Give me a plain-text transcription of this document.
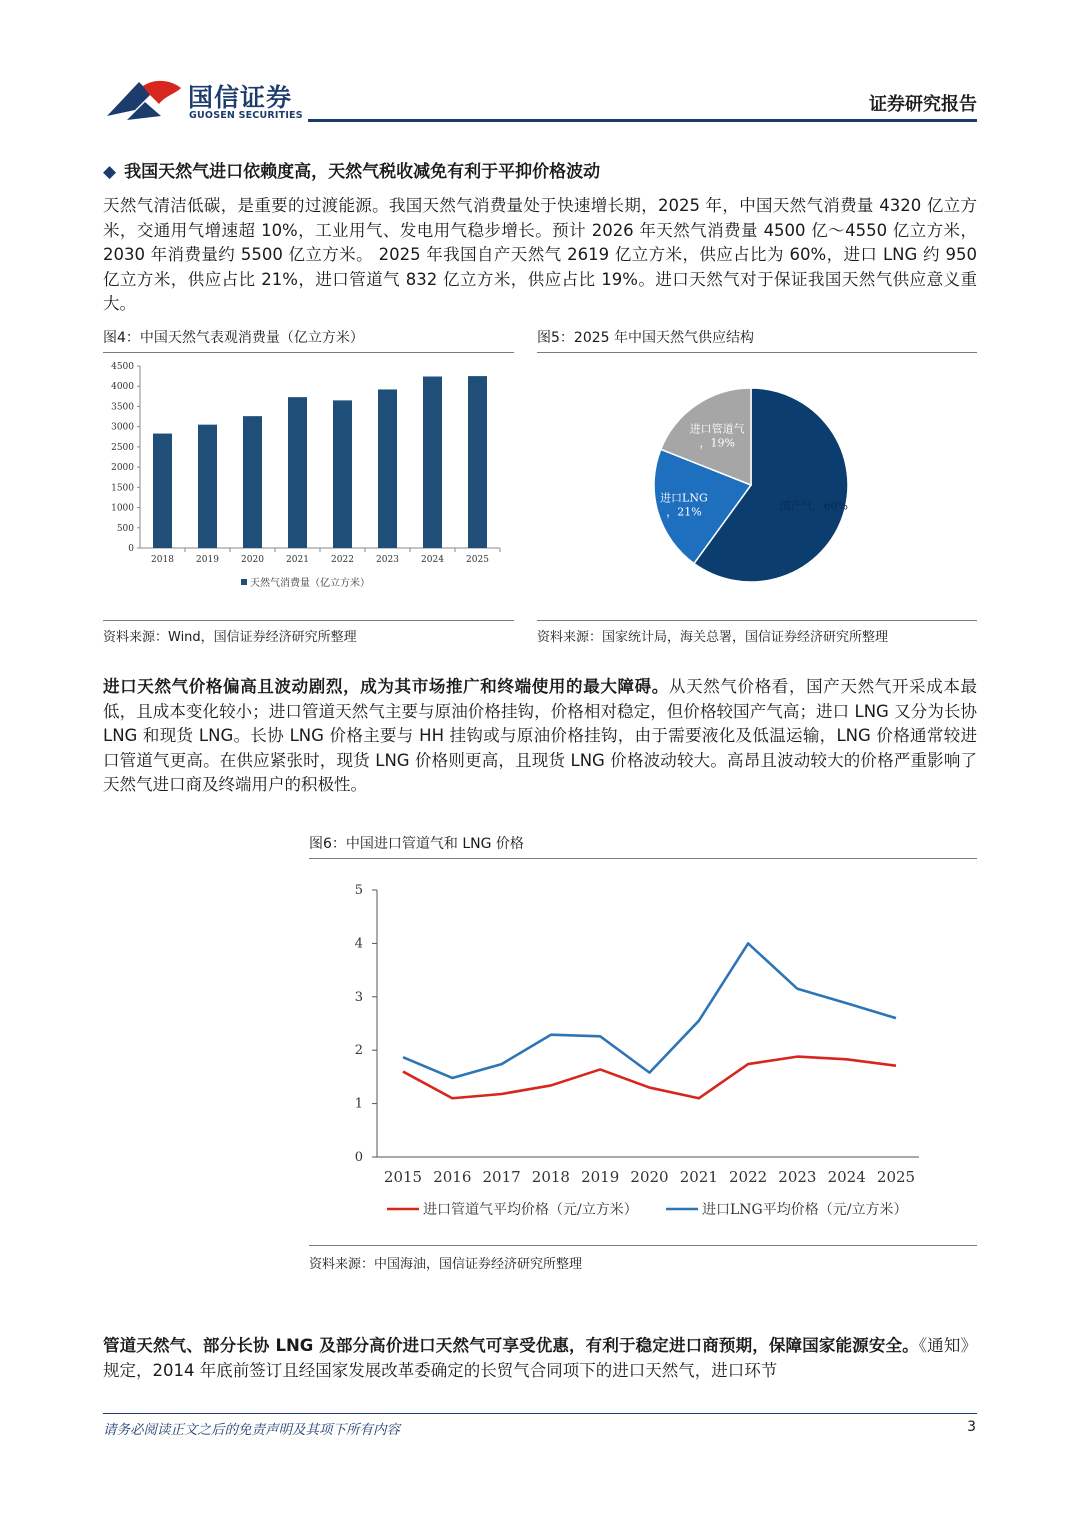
国信证券
GUOSEN SECURITIES
证券研究报告
◆ 我国天然气进口依赖度高，天然气税收减免有利于平抑价格波动
天然气清洁低碳，是重要的过渡能源。我国天然气消费量处于快速增长期，2025 年，中国天然气消费量 4320 亿立方米，交通用气增速超 10%，工业用气、发电用气稳步增长。预计 2026 年天然气消费量 4500 亿～4550 亿立方米，2030 年消费量约 5500 亿立方米。 2025 年我国自产天然气 2619 亿立方米，供应占比为 60%，进口 LNG 约 950 亿立方米，供应占比 21%，进口管道气 832 亿立方米，供应占比 19%。进口天然气对于保证我国天然气供应意义重大。
图4：中国天然气表观消费量（亿立方米）
0
500
1000
1500
2000
2500
3000
3500
4000
4500
2018 2019 2020 2021 2022 2023 2024 2025
天然气消费量（亿立方米）
资料来源：Wind，国信证券经济研究所整理
图5：2025 年中国天然气供应结构
国产气，60%
进口LNG ，21%
进口管道气，19%
资料来源：国家统计局，海关总署，国信证券经济研究所整理
进口天然气价格偏高且波动剧烈，成为其市场推广和终端使用的最大障碍。从天然气价格看，国产天然气开采成本最低，且成本变化较小；进口管道天然气主要与原油价格挂钩，价格相对稳定，但价格较国产气高；进口 LNG 又分为长协 LNG 和现货 LNG。长协 LNG 价格主要与 HH 挂钩或与原油价格挂钩，由于需要液化及低温运输，LNG 价格通常较进口管道气更高。在供应紧张时，现货 LNG 价格则更高，且现货 LNG 价格波动较大。高昂且波动较大的价格严重影响了天然气进口商及终端用户的积极性。
图6：中国进口管道气和 LNG 价格
0
1
2
3
4
5
2015 2016 2017 2018 2019 2020 2021 2022 2023 2024 2025
进口管道气平均价格（元/立方米）	进口LNG平均价格（元/立方米）
资料来源：中国海油，国信证券经济研究所整理
管道天然气、部分长协 LNG 及部分高价进口天然气可享受优惠，有利于稳定进口商预期，保障国家能源安全。《通知》规定，2014 年底前签订且经国家发展改革委确定的长贸气合同项下的进口天然气，进口环节
请务必阅读正文之后的免责声明及其项下所有内容	3
